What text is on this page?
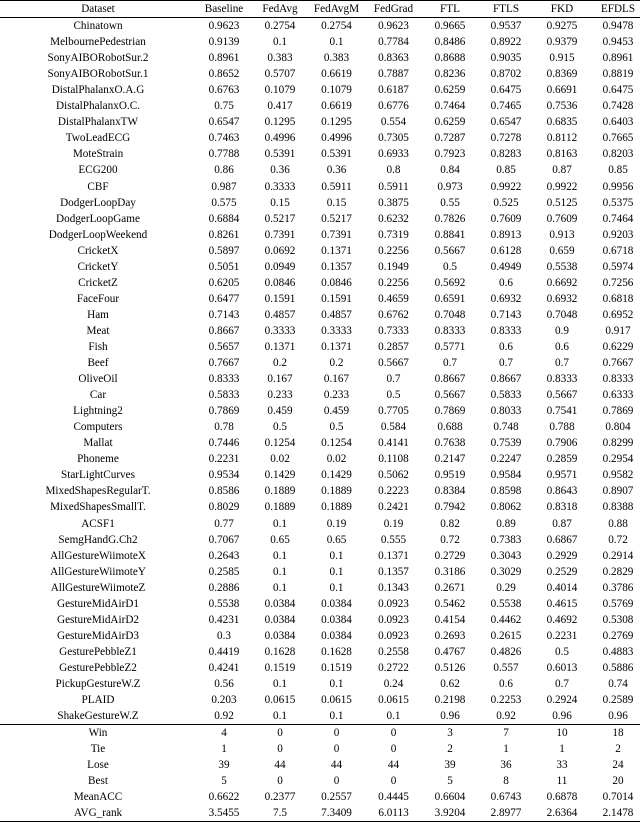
Dataset	Baseline	FedAvg	FedAvgM	FedGrad	FTL	FTLS	FKD	EFDLS
Chinatown	0.9623	0.2754	0.2754	0.9623	0.9665	0.9537	0.9275	0.9478
MelbournePedestrian	0.9139	0.1	0.1	0.7784	0.8486	0.8922	0.9379	0.9453
SonyAIBORobotSur.2	0.8961	0.383	0.383	0.8363	0.8688	0.9035	0.915	0.8961
SonyAIBORobotSur.1	0.8652	0.5707	0.6619	0.7887	0.8236	0.8702	0.8369	0.8819
DistalPhalanxO.A.G	0.6763	0.1079	0.1079	0.6187	0.6259	0.6475	0.6691	0.6475
DistalPhalanxO.C.	0.75	0.417	0.6619	0.6776	0.7464	0.7465	0.7536	0.7428
DistalPhalanxTW	0.6547	0.1295	0.1295	0.554	0.6259	0.6547	0.6835	0.6403
TwoLeadECG	0.7463	0.4996	0.4996	0.7305	0.7287	0.7278	0.8112	0.7665
MoteStrain	0.7788	0.5391	0.5391	0.6933	0.7923	0.8283	0.8163	0.8203
ECG200	0.86	0.36	0.36	0.8	0.84	0.85	0.87	0.85
CBF	0.987	0.3333	0.5911	0.5911	0.973	0.9922	0.9922	0.9956
DodgerLoopDay	0.575	0.15	0.15	0.3875	0.55	0.525	0.5125	0.5375
DodgerLoopGame	0.6884	0.5217	0.5217	0.6232	0.7826	0.7609	0.7609	0.7464
DodgerLoopWeekend	0.8261	0.7391	0.7391	0.7319	0.8841	0.8913	0.913	0.9203
CricketX	0.5897	0.0692	0.1371	0.2256	0.5667	0.6128	0.659	0.6718
CricketY	0.5051	0.0949	0.1357	0.1949	0.5	0.4949	0.5538	0.5974
CricketZ	0.6205	0.0846	0.0846	0.2256	0.5692	0.6	0.6692	0.7256
FaceFour	0.6477	0.1591	0.1591	0.4659	0.6591	0.6932	0.6932	0.6818
Ham	0.7143	0.4857	0.4857	0.6762	0.7048	0.7143	0.7048	0.6952
Meat	0.8667	0.3333	0.3333	0.7333	0.8333	0.8333	0.9	0.917
Fish	0.5657	0.1371	0.1371	0.2857	0.5771	0.6	0.6	0.6229
Beef	0.7667	0.2	0.2	0.5667	0.7	0.7	0.7	0.7667
OliveOil	0.8333	0.167	0.167	0.7	0.8667	0.8667	0.8333	0.8333
Car	0.5833	0.233	0.233	0.5	0.5667	0.5833	0.5667	0.6333
Lightning2	0.7869	0.459	0.459	0.7705	0.7869	0.8033	0.7541	0.7869
Computers	0.78	0.5	0.5	0.584	0.688	0.748	0.788	0.804
Mallat	0.7446	0.1254	0.1254	0.4141	0.7638	0.7539	0.7906	0.8299
Phoneme	0.2231	0.02	0.02	0.1108	0.2147	0.2247	0.2859	0.2954
StarLightCurves	0.9534	0.1429	0.1429	0.5062	0.9519	0.9584	0.9571	0.9582
MixedShapesRegularT.	0.8586	0.1889	0.1889	0.2223	0.8384	0.8598	0.8643	0.8907
MixedShapesSmallT.	0.8029	0.1889	0.1889	0.2421	0.7942	0.8062	0.8318	0.8388
ACSF1	0.77	0.1	0.19	0.19	0.82	0.89	0.87	0.88
SemgHandG.Ch2	0.7067	0.65	0.65	0.555	0.72	0.7383	0.6867	0.72
AllGestureWiimoteX	0.2643	0.1	0.1	0.1371	0.2729	0.3043	0.2929	0.2914
AllGestureWiimoteY	0.2585	0.1	0.1	0.1357	0.3186	0.3029	0.2529	0.2829
AllGestureWiimoteZ	0.2886	0.1	0.1	0.1343	0.2671	0.29	0.4014	0.3786
GestureMidAirD1	0.5538	0.0384	0.0384	0.0923	0.5462	0.5538	0.4615	0.5769
GestureMidAirD2	0.4231	0.0384	0.0384	0.0923	0.4154	0.4462	0.4692	0.5308
GestureMidAirD3	0.3	0.0384	0.0384	0.0923	0.2693	0.2615	0.2231	0.2769
GesturePebbleZ1	0.4419	0.1628	0.1628	0.2558	0.4767	0.4826	0.5	0.4883
GesturePebbleZ2	0.4241	0.1519	0.1519	0.2722	0.5126	0.557	0.6013	0.5886
PickupGestureW.Z	0.56	0.1	0.1	0.24	0.62	0.6	0.7	0.74
PLAID	0.203	0.0615	0.0615	0.0615	0.2198	0.2253	0.2924	0.2589
ShakeGestureW.Z	0.92	0.1	0.1	0.1	0.96	0.92	0.96	0.96
Win	4	0	0	0	3	7	10	18
Tie	1	0	0	0	2	1	1	2
Lose	39	44	44	44	39	36	33	24
Best	5	0	0	0	5	8	11	20
MeanACC	0.6622	0.2377	0.2557	0.4445	0.6604	0.6743	0.6878	0.7014
AVG_rank	3.5455	7.5	7.3409	6.0113	3.9204	2.8977	2.6364	2.1478
